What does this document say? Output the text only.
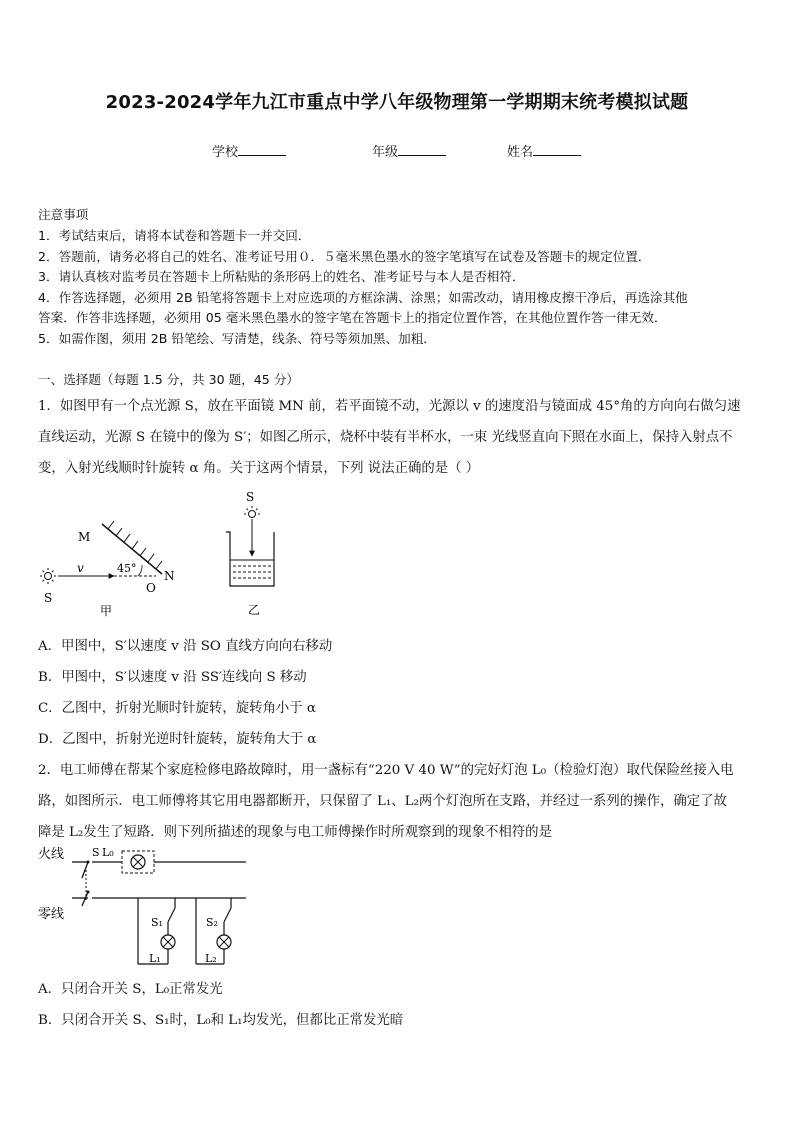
2023-2024学年九江市重点中学八年级物理第一学期期末统考模拟试题
学校	年级	姓名
注意事项
1．考试结束后，请将本试卷和答题卡一并交回．
2．答题前，请务必将自己的姓名、准考证号用０．５毫米黑色墨水的签字笔填写在试卷及答题卡的规定位置．
3．请认真核对监考员在答题卡上所粘贴的条形码上的姓名、准考证号与本人是否相符．
4．作答选择题，必须用 2B 铅笔将答题卡上对应选项的方框涂满、涂黑；如需改动，请用橡皮擦干净后，再选涂其他
答案．作答非选择题，必须用 05 毫米黑色墨水的签字笔在答题卡上的指定位置作答，在其他位置作答一律无效．
5．如需作图，须用 2B 铅笔绘、写清楚，线条、符号等须加黑、加粗．
一、选择题（每题 1.5 分，共 30 题，45 分）
1．如图甲有一个点光源 S，放在平面镜 MN 前，若平面镜不动，光源以 v 的速度沿与镜面成 45°角的方向向右做匀速
直线运动，光源 S 在镜中的像为 S′；如图乙所示，烧杯中装有半杯水，一束 光线竖直向下照在水面上，保持入射点不
变，入射光线顺时针旋转 α 角。关于这两个情景，下列 说法正确的是（ ）
M
N
O
S
v	45°
甲
S
乙
A．甲图中，S′以速度 v 沿 SO 直线方向向右移动
B．甲图中，S′以速度 v 沿 SS′连线向 S 移动
C．乙图中，折射光顺时针旋转，旋转角小于 α
D．乙图中，折射光逆时针旋转，旋转角大于 α
2．电工师傅在帮某个家庭检修电路故障时，用一盏标有“220 V 40 W”的完好灯泡 L₀（检验灯泡）取代保险丝接入电
路，如图所示．电工师傅将其它用电器都断开，只保留了 L₁、L₂两个灯泡所在支路，并经过一系列的操作，确定了故
障是 L₂发生了短路．则下列所描述的现象与电工师傅操作时所观察到的现象不相符的是
火线
零线
S L₀
S₁
L₁
S₂
L₂
A．只闭合开关 S，L₀正常发光
B．只闭合开关 S、S₁时，L₀和 L₁均发光，但都比正常发光暗
